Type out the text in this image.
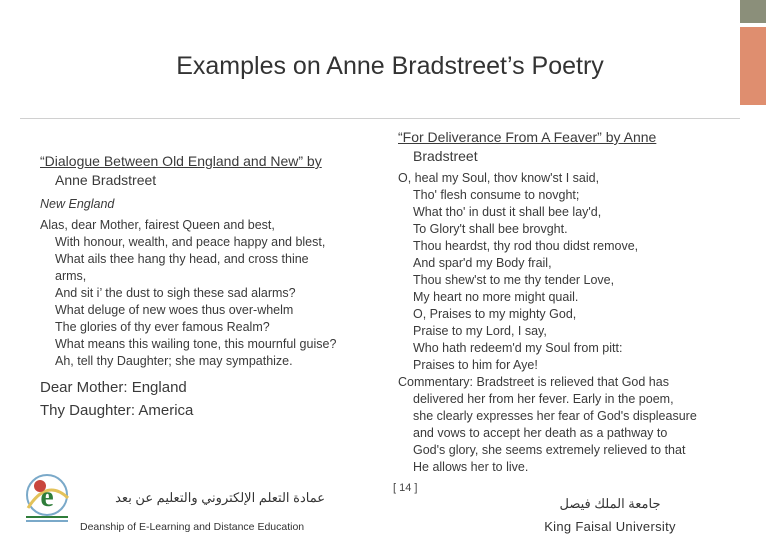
Examples on Anne Bradstreet’s Poetry
“Dialogue Between Old England and New” by
Anne Bradstreet
New England
Alas, dear Mother, fairest Queen and best,
With honour, wealth, and peace happy and blest,
What ails thee hang thy head, and cross thine
arms,
And sit i’ the dust to sigh these sad alarms?
What deluge of new woes thus over-whelm
The glories of thy ever famous Realm?
What means this wailing tone, this mournful guise?
Ah, tell thy Daughter; she may sympathize.
Dear Mother: England
Thy Daughter: America
“For Deliverance From A Feaver” by Anne
Bradstreet
O, heal my Soul, thov know'st I said,
Tho' flesh consume to novght;
What tho' in dust it shall bee lay'd,
To Glory't shall bee brovght.
Thou heardst, thy rod thou didst remove,
And spar'd my Body frail,
Thou shew'st to me thy tender Love,
My heart no more might quail.
O, Praises to my mighty God,
Praise to my Lord, I say,
Who hath redeem'd my Soul from pitt:
Praises to him for Aye!
Commentary: Bradstreet is relieved that God has
delivered her from her fever. Early in the poem,
she clearly expresses her fear of God's displeasure
and vows to accept her death as a pathway to
God's glory, she seems extremely relieved to that
He allows her to live.
e	عمادة التعلم الإلكتروني والتعليم عن بعد
Deanship of E-Learning and Distance Education
[ 14 ]
جامعة الملك فيصل
King Faisal University
